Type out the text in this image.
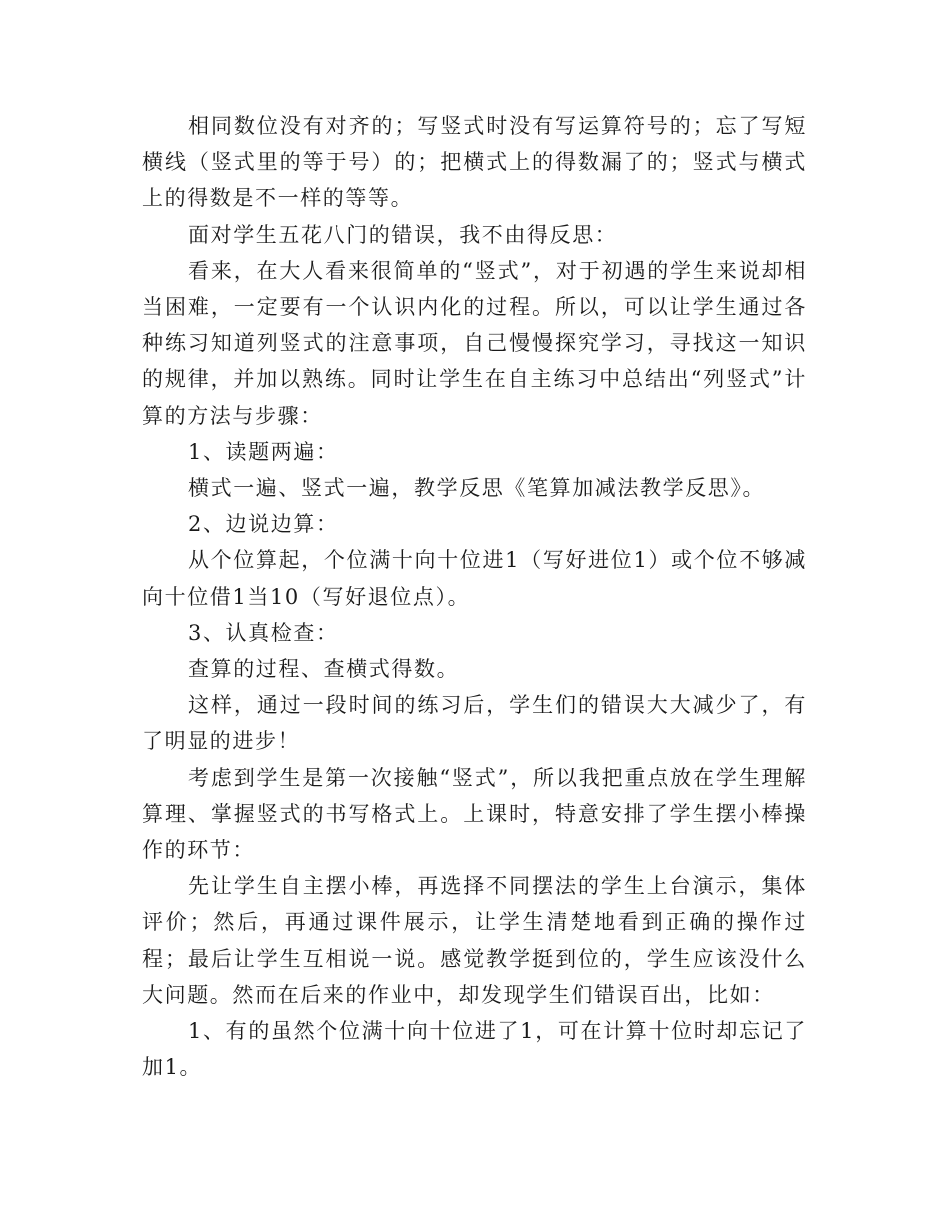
相同数位没有对齐的；写竖式时没有写运算符号的；忘了写短横线（竖式里的等于号）的；把横式上的得数漏了的；竖式与横式上的得数是不一样的等等。

面对学生五花八门的错误，我不由得反思：

看来，在大人看来很简单的“竖式”，对于初遇的学生来说却相当困难，一定要有一个认识内化的过程。所以，可以让学生通过各种练习知道列竖式的注意事项，自己慢慢探究学习，寻找这一知识的规律，并加以熟练。同时让学生在自主练习中总结出“列竖式”计算的方法与步骤：

1、读题两遍：

横式一遍、竖式一遍，教学反思《笔算加减法教学反思》。

2、边说边算：

从个位算起，个位满十向十位进1（写好进位1）或个位不够减向十位借1当10（写好退位点）。

3、认真检查：

查算的过程、查横式得数。

这样，通过一段时间的练习后，学生们的错误大大减少了，有了明显的进步！

考虑到学生是第一次接触“竖式”，所以我把重点放在学生理解算理、掌握竖式的书写格式上。上课时，特意安排了学生摆小棒操作的环节：

先让学生自主摆小棒，再选择不同摆法的学生上台演示，集体评价；然后，再通过课件展示，让学生清楚地看到正确的操作过程；最后让学生互相说一说。感觉教学挺到位的，学生应该没什么大问题。然而在后来的作业中，却发现学生们错误百出，比如：

1、有的虽然个位满十向十位进了1，可在计算十位时却忘记了加1。
